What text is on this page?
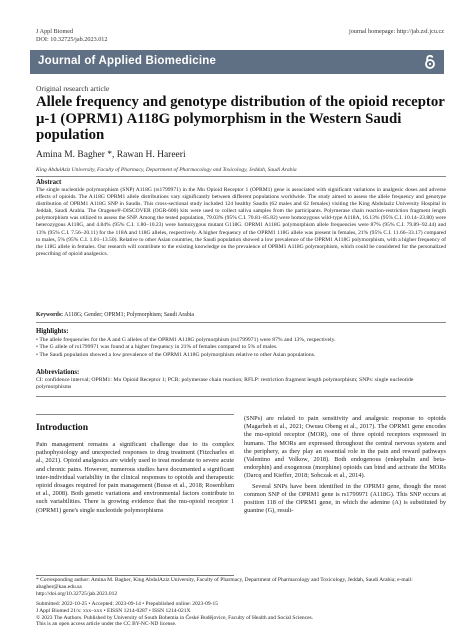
J Appl Biomed
DOI: 10.32725/jab.2023.012
journal homepage: http://jab.zsf.jcu.cz
Journal of Applied Biomedicine
Original research article
Allele frequency and genotype distribution of the opioid receptor μ-1 (OPRM1) A118G polymorphism in the Western Saudi population
Amina M. Bagher *, Rawan H. Hareeri
King AbdulAziz University, Faculty of Pharmacy, Department of Pharmacology and Toxicology, Jeddah, Saudi Arabia
Abstract
The single nucleotide polymorphism (SNP) A118G (rs1799971) in the Mu Opioid Receptor 1 (OPRM1) gene is associated with significant variations in analgesic doses and adverse effects of opioids. The A118G OPRM1 allele distributions vary significantly between different populations worldwide. The study aimed to assess the allele frequency and genotype distribution of OPRM1 A118G SNP in Saudis. This cross-sectional study included 124 healthy Saudis (62 males and 62 females) visiting the King Abdulaziz University Hospital in Jeddah, Saudi Arabia. The Oragene®-DISCOVER (OGR-600) kits were used to collect saliva samples from the participants. Polymerase chain reaction-restriction fragment length polymorphism was utilized to assess the SNP. Among the tested population, 79.03% (95% C.I. 70.81–85.82) were homozygous wild-type A118A, 16.13% (95% C.I. 10.14–23.80) were heterozygous A118G, and 4.84% (95% C.I. 1.80–10.23) were homozygous mutant G118G. OPRM1 A118G polymorphism allele frequencies were 87% (95% C.I. 79.89–92.44) and 13% (95% C.I. 7.56–20.11) for the 118A and 118G alleles, respectively. A higher frequency of the OPRM1 118G allele was present in females, 21% (95% C.I. 11.66–33.17) compared to males, 5% (95% C.I. 1.01–13.50). Relative to other Asian countries, the Saudi population showed a low prevalence of the OPRM1 A118G polymorphism, with a higher frequency of the 118G allele in females. Our research will contribute to the existing knowledge on the prevalence of OPRM1 A118G polymorphism, which could be considered for the personalized prescribing of opioid analgesics.
Keywords: A118G; Gender; OPRM1; Polymorphism; Saudi Arabia
Highlights:
• The allele frequencies for the A and G alleles of the OPRM1 A118G polymorphism (rs1799971) were 87% and 13%, respectively.
• The G allele of rs1799971 was found at a higher frequency in 21% of females compared to 5% of males.
• The Saudi population showed a low prevalence of the OPRM1 A118G polymorphism relative to other Asian populations.
Abbreviations:
CI: confidence interval; OPRM1: Mu Opioid Receptor 1; PCR: polymerase chain reaction; RFLP: restriction fragment length polymorphism; SNPs: single nucleotide polymorphisms
Introduction

Pain management remains a significant challenge due to its complex pathophysiology and unexpected responses to drug treatment (Fitzcharles et al., 2021). Opioid analgesics are widely used to treat moderate to severe acute and chronic pains. However, numerous studies have documented a significant inter-individual variability in the clinical responses to opioids and therapeutic opioid dosages required for pain management (Busse et al., 2018; Rosenblum et al., 2008). Both genetic variations and environmental factors contribute to such variabilities. There is growing evidence that the mu-opioid receptor 1 (OPRM1) gene's single nucleotide polymorphisms

(SNPs) are related to pain sensitivity and analgesic response to opioids (Magarbeh et al., 2021; Owusu Obeng et al., 2017). The OPRM1 gene encodes the mu-opioid receptor (MOR), one of three opioid receptors expressed in humans. The MORs are expressed throughout the central nervous system and the periphery, as they play an essential role in the pain and reward pathways (Valentino and Volkow, 2018). Both endogenous (enkephalin and beta-endorphin) and exogenous (morphine) opioids can bind and activate the MORs (Darcq and Kieffer, 2018; Sobczak et al., 2014).

Several SNPs have been identified in the OPRM1 gene, though the most common SNP of the OPRM1 gene is rs1799971 (A118G). This SNP occurs at position 118 of the OPRM1 gene, in which the adenine (A) is substituted by guanine (G), result-

* Corresponding author: Amina M. Bagher, King AbdulAziz University, Faculty of Pharmacy, Department of Pharmacology and Toxicology, Jeddah, Saudi Arabia; e-mail: abagher@kau.edu.sa
http://doi.org/10.32725/jab.2023.012
Submitted: 2022-10-25 • Accepted: 2023-09-14 • Prepublished online: 2023-09-15
J Appl Biomed 21/x: xxx–xxx • EISSN 1214-0287 • ISSN 1214-021X
© 2023 The Authors. Published by University of South Bohemia in České Budějovice, Faculty of Health and Social Sciences.
This is an open access article under the CC BY-NC-ND license.
